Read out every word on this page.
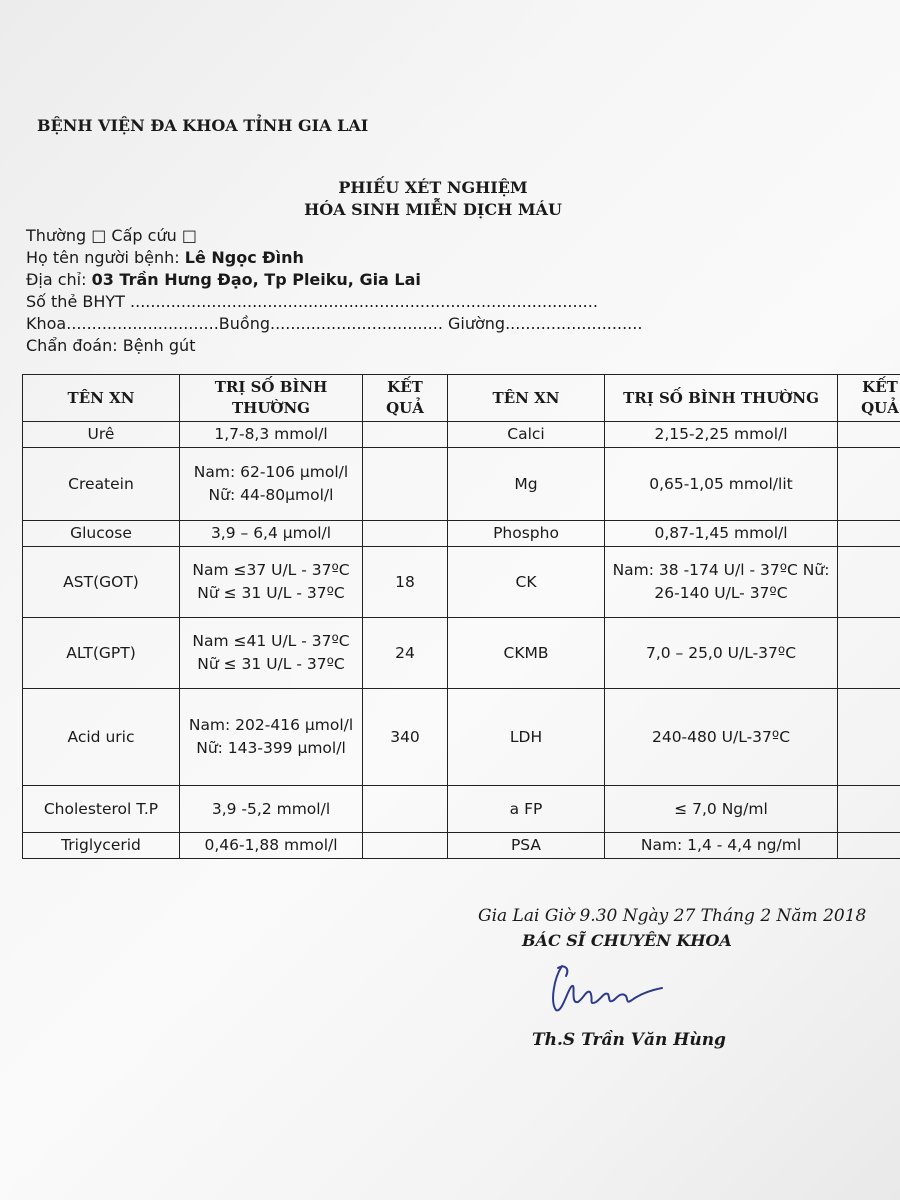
BỆNH VIỆN ĐA KHOA TỈNH GIA LAI
PHIẾU XÉT NGHIỆM
HÓA SINH MIỄN DỊCH MÁU
Thường □ Cấp cứu □
Họ tên người bệnh: Lê Ngọc Đình
Địa chỉ: 03 Trần Hưng Đạo, Tp Pleiku, Gia Lai
Số thẻ BHYT ............................................................................................
Khoa..............................Buồng.................................. Giường...........................
Chẩn đoán: Bệnh gút
TÊN XN	TRỊ SỐ BÌNH THƯỜNG	KẾT QUẢ	TÊN XN	TRỊ SỐ BÌNH THƯỜNG	KẾT QUẢ
Urê	1,7-8,3 mmol/l		Calci	2,15-2,25 mmol/l	
Createin	Nam: 62-106 µmol/l Nữ: 44-80µmol/l		Mg	0,65-1,05 mmol/lit	
Glucose	3,9 – 6,4 µmol/l		Phospho	0,87-1,45 mmol/l	
AST(GOT)	Nam ≤37 U/L - 37ºC Nữ ≤ 31 U/L - 37ºC	18	CK	Nam: 38 -174 U/l - 37ºC Nữ: 26-140 U/L- 37ºC	
ALT(GPT)	Nam ≤41 U/L - 37ºC Nữ ≤ 31 U/L - 37ºC	24	CKMB	7,0 – 25,0 U/L-37ºC	
Acid uric	Nam: 202-416 µmol/l Nữ: 143-399 µmol/l	340	LDH	240-480 U/L-37ºC	
Cholesterol T.P	3,9 -5,2 mmol/l		a FP	≤ 7,0 Ng/ml	
Triglycerid	0,46-1,88 mmol/l		PSA	Nam: 1,4 - 4,4 ng/ml	
Gia Lai Giờ 9.30 Ngày 27 Tháng 2 Năm 2018
BÁC SĨ CHUYÊN KHOA
Th.S Trần Văn Hùng
